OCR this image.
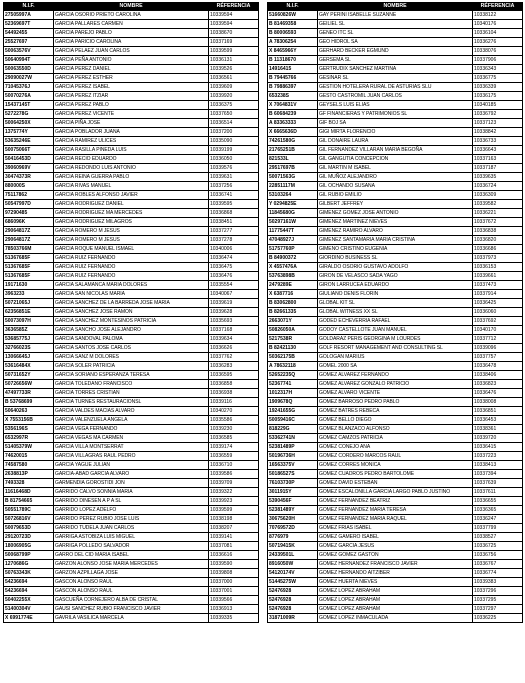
N.I.F.	NOMBRE	RÉFERENCIA
27505997A	GARCIA OSORIO PRIETO CAROLINA	10339594
52369697T	GARCIA PALLARES CARMEN	10339594
54492455	GARCIA PAREJO PABLO	10338670
25527697	GARCIA PARICIO CAROLINA	10337169
50063576V	GARCIA PELAEZ JUAN CARLOS	10339599
50640994T	GARCIA PEÑA ANTONIO	10336131
50063550D	GARCIA PEREZ DANIEL	10339526
29090027W	GARCIA PEREZ ESTHER	10336561
71045376J	GARCIA PEREZ ISABEL	10339609
50070276A	GARCIA PEREZ ITZIAR	10339920
15437145T	GARCIA PEREZ PABLO	10336375
5272278G	GARCIA PEREZ VICENTE	10337650
50064250X	GARCIA PIÑA JOSE	10336514
1375774Y	GARCIA POBLADOR JUANA	10337200
53635246E	GARCIA RAMIREZ ULICES	10335090
50075066T	GARCIA RASILLA PINEDA LUIS	10339199
50416453D	GARCIA RECIO EDUARDO	10336050
39060969V	GARCIA REDONDO LUIS ANTONIO	10339576
30474373R	GARCIA REINA GUERRA PABLO	10339631
880000S	GARCIA RIVAS MANUEL	10337256
75117862	GARCIA ROBLES ALFONSO JAVIER	10336741
50547997D	GARCIA RODRIGUEZ DANIEL	10339595
97290485	GARCIA RODRIGUEZ MA MERCEDES	10336868
686096K	GARCIA RODRIGUEZ MILAGROS	10338451
29064817Z	GARCIA ROMERO M JESUS	10337277
29064817Z	GARCIA ROMERO M JESUS	10337278
78503766M	GARCIA ROQUE MANUEL ISMAEL	10340006
51367685F	GARCIA RUIZ FERNANDO	10336474
51367685F	GARCIA RUIZ FERNANDO	10336475
51367685F	GARCIA RUIZ FERNANDO	10336476
19171630	GARCIA SALAMANCA MARIA DOLORES	10335554
3963233	GARCIA SAN NICOLAS MARIA	10340067
50721065J	GARCIA SANCHEZ DE LA BARREDA JOSE MARIA	10339619
62356851E	GARCIA SANCHEZ JOSE RAMON	10339628
50073097H	GARCIA SANCHEZ MONTESINOS PATRICIA	10335693
3636585Z	GARCIA SANCHO JOSE ALEJANDRO	10337168
53685775J	GARCIA SANDOVAL PALOMA	10339634
32766023S	GARCIA SANTOS JOSE CARLOS	10336626
13066645J	GARCIA SANZ M DOLORES	10337762
53616484X	GARCIA SOLER PATRICIA	10336283
50731652Y	GARCIA SORIANO ESPERANZA TERESA	10336595
50726656W	GARCIA TOLEDANO FRANCISCO	10336858
47497733R	GARCIA TORRES CRISTIAN	10336938
B 53768699	GARCIA TURNES RESTAURACIONSL	10339116
50640263	GARCIA VALDES MACIAS ALVARO	10340270
X 7553156B	GARCIA VALENZUELA ANGELA	10335586
5356196S	GARCIA VEGA FERNANDO	10339230
6532997R	GARCIA VEGAS MA CARMEN	10336585
51405379W	GARCIA VILLA MONTSERRAT	10339174
74620015	GARCIA VILLAGRAS RAUL PEDRO	10336559
74587580	GARCIA YAGUE JULIAN	10336710
2638813P	GARCIA-ABAD GARCIA ALVARO	10339586
7493328	GARMENDIA GOROSTIDI JON	10339709
11616468D	GARRIDO CALVO SONNIA MARIA	10339322
B 81754665	GARRIDO DINESEN A P A SL	10339923
50551789C	GARRIDO LOPEZ ADELFO	10339599
50726816V	GARRIDO PEREZ RUBIO JOSE LUIS	10338198
50079653D	GARRIDO TUDELA JUAN CARLOS	10338207
29120723D	GARRIGA ASTOBIZA LUIS MIGUEL	10339141
18006905G	GARRIGA POLLEDO SALVADOR	10337081
50068799P	GARRO DEL CID MARIA ISABEL	10336616
1270686G	GARZON ALONSO JOSE MARIA MERCEDES	10339590
50763343K	GARZON AZPILLAGA JOSE	10339808
54236694	GASCON ALONSO RAUL	10337000
54236694	GASCON ALONSO RAUL	10337001
50402255X	GASCUEÑA CORNEJERO ALBA DE CRISTAL	10339566
51400304V	GAUSI SANCHEZ RUBIO FRANCISCO JAVIER	10336913
X 6991774E	GAVRILA VASILICA MARCELA	10339335
N.I.F.	NOMBRE	RÉFERENCIA
51660826W	GAY PERINI ISABELLE SUZANNE	10338122
B 81469358	GEILIEL SL	10340176
B 80006593	GENEO ITC SL	10336104
A 78306254	GEO HIDROL SA	10336276
X 8465966Y	GERHARD BECKER EGMUND	10338076
B 11318670	GERSEMA SL	10337906
14916415	GERTRUDIX SANCHEZ MARTINA	10336343
B 79445766	GESINAR SL	10336775
B 79886397	GESTION HOTELERA RURAL DE ASTURIAS SLU	10336339
653238S	GESTO CASTROMIL JUAN CARLOS	10336175
X 7064831V	GEYSELS LUIS ELIAS	10340185
B 60684239	GF FINANCIERAS Y PATRIMONIOS SL	10336792
A 83363333	GIF BOJ SA	10337123
X 6665636D	GIGI MIRTA FLORENCIO	10338842
74261580G	GIL DONAIRE LAURA	10336733
21765251B	GIL FERNANDEZ VILLARAN MARIA BEGOÑA	10336643
821533L	GIL GANGUTIA CONCEPCION	10337163
29517697B	GIL MARTIN M ISABEL	10337187
50071563G	GIL MUÑOZ ALEJANDRO	10339635
22851117M	GIL OCHANDO SUSANA	10336724
53103264	GIL RUBIO EMILIO	10336309
Y 0294825E	GILBERT JEFFREY	10339582
11845680G	GIMENEZ GOMEZ JOSE ANTONIO	10336221
50297161W	GIMENEZ MARTINEZ NIEVES	10337672
11775447T	GIMENEZ RAMIRO ALVARO	10336838
47048927J	GIMENEZ SANTAMARIA MARIA CRISTINA	10336820
51757760P	GIMENO CRISTINO EUGENIA	10336686
B 84900372	GIORDINO BUSINESS SL	10337973
X 4557476A	GIRALDO OSORIO GUSTAVO ADOLFO	10336153
53763898B	GIRON DE VELASCO SADA YAGO	10339661
2479289E	GIRON LARRUCEA EDUARDO	10337473
X 6387716	GIULIANO DENIS FLORIN	10337914
B 83062800	GLOBAL KIT SL	10336425
B 82661335	GLOBAL WITNESS XX SL	10336060
2663071Y	GODED ECHEVERRIA RAFAEL	10337692
50826050A	GODOY CASTELLOTE JUAN MANUEL	10340170
5217538R	GOLDARAZ PERIS GEORGINA M LOURDES	10337712
B 82421130	GOLF RESORT MANAGEMENT AND CONSULTING SL	10339096
50362175B	GOLOGAN MARIUS	10337757
A 78632118	GOMEL 2000 SA	10336478
52652235Q	GOMEZ ALVAREZ FERNANDO	10338406
52367741	GOMEZ ALVAREZ GONZALO PATRICIO	10336823
1012317H	GOMEZ ALVARO VICENTE	10336476
1909678Q	GOMEZ BARROSO PEDRO PABLO	10338008
19241655G	GOMEZ BATRES REBECA	10336851
50059416C	GOMEZ BELLO DIEGO	10336453
818229G	GOMEZ BLANZACO ALFONSO	10338361
53362741N	GOMEZ CAMZOS PATRICIA	10339720
52381489P	GOMEZ CONEJO ANA	10336415
50196736H	GOMEZ CORDERO MARCOS RAUL	10337223
16563375V	GOMEZ CORRES MONICA	10338413
50186527S	GOMEZ CUADROS PEDRO BARTOLOME	10337394
76103730P	GOMEZ DAVID ESTEBAN	10337639
3011915Y	GOMEZ ESCALONILLA GARCIA LARGO PABLO JUSTINO	10337611
5390456F	GOMEZ FERNANDEZ BEATRIZ	10336655
52381489Y	GOMEZ FERNANDEZ MARIA TERESA	10336365
30675620H	GOMEZ FERNANDEZ MARIA RAQUEL	10336247
70769572D	GOMEZ FRIAS ISABEL	10337799
8776979	GOMEZ GAMERO ISABEL	10338527
50719415K	GOMEZ GARCIA JESUS	10336725
24339501L	GOMEZ GOMEZ GASTON	10336756
8916050W	GOMEZ HERNANDEZ FRANCISCO JAVIER	10336767
54120174V	GOMEZ HERNANDO AITZIBER	10336774
51445275W	GOMEZ HUERTA NIEVES	10339383
52476928	GOMEZ LOPEZ ABRAHAM	10337296
52476928	GOMEZ LOPEZ ABRAHAM	10337295
52476928	GOMEZ LOPEZ ABRAHAM	10337297
31871009R	GOMEZ LOPEZ INMACULADA	10336225
